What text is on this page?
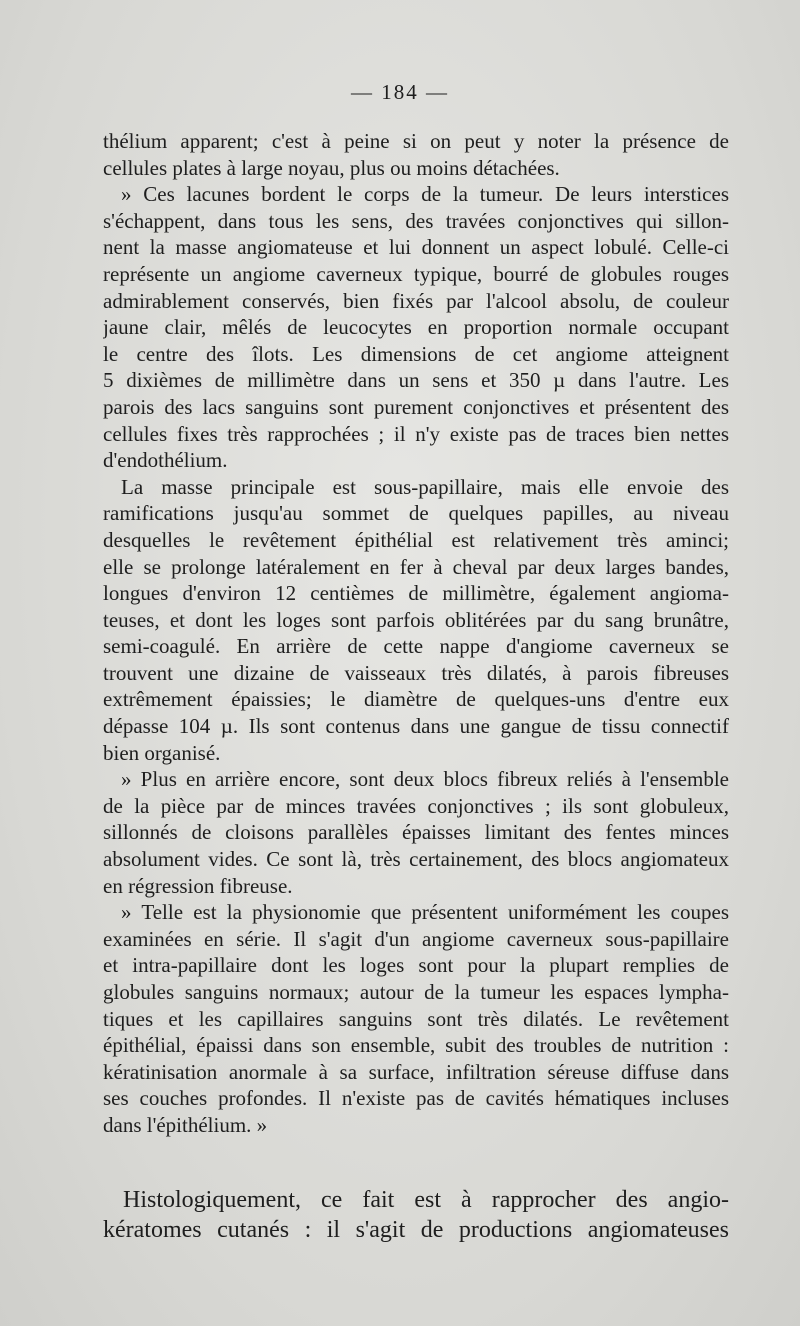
— 184 —
thélium apparent; c'est à peine si on peut y noter la présence de
cellules plates à large noyau, plus ou moins détachées.
» Ces lacunes bordent le corps de la tumeur. De leurs interstices
s'échappent, dans tous les sens, des travées conjonctives qui sillon-
nent la masse angiomateuse et lui donnent un aspect lobulé. Celle-ci
représente un angiome caverneux typique, bourré de globules rouges
admirablement conservés, bien fixés par l'alcool absolu, de couleur
jaune clair, mêlés de leucocytes en proportion normale occupant
le centre des îlots. Les dimensions de cet angiome atteignent
5 dixièmes de millimètre dans un sens et 350 µ dans l'autre. Les
parois des lacs sanguins sont purement conjonctives et présentent des
cellules fixes très rapprochées ; il n'y existe pas de traces bien nettes
d'endothélium.
La masse principale est sous-papillaire, mais elle envoie des
ramifications jusqu'au sommet de quelques papilles, au niveau
desquelles le revêtement épithélial est relativement très aminci;
elle se prolonge latéralement en fer à cheval par deux larges bandes,
longues d'environ 12 centièmes de millimètre, également angioma-
teuses, et dont les loges sont parfois oblitérées par du sang brunâtre,
semi-coagulé. En arrière de cette nappe d'angiome caverneux se
trouvent une dizaine de vaisseaux très dilatés, à parois fibreuses
extrêmement épaissies; le diamètre de quelques-uns d'entre eux
dépasse 104 µ. Ils sont contenus dans une gangue de tissu connectif
bien organisé.
» Plus en arrière encore, sont deux blocs fibreux reliés à l'ensemble
de la pièce par de minces travées conjonctives ; ils sont globuleux,
sillonnés de cloisons parallèles épaisses limitant des fentes minces
absolument vides. Ce sont là, très certainement, des blocs angiomateux
en régression fibreuse.
» Telle est la physionomie que présentent uniformément les coupes
examinées en série. Il s'agit d'un angiome caverneux sous-papillaire
et intra-papillaire dont les loges sont pour la plupart remplies de
globules sanguins normaux; autour de la tumeur les espaces lympha-
tiques et les capillaires sanguins sont très dilatés. Le revêtement
épithélial, épaissi dans son ensemble, subit des troubles de nutrition :
kératinisation anormale à sa surface, infiltration séreuse diffuse dans
ses couches profondes. Il n'existe pas de cavités hématiques incluses
dans l'épithélium. »
Histologiquement, ce fait est à rapprocher des angio-
kératomes cutanés : il s'agit de productions angiomateuses
